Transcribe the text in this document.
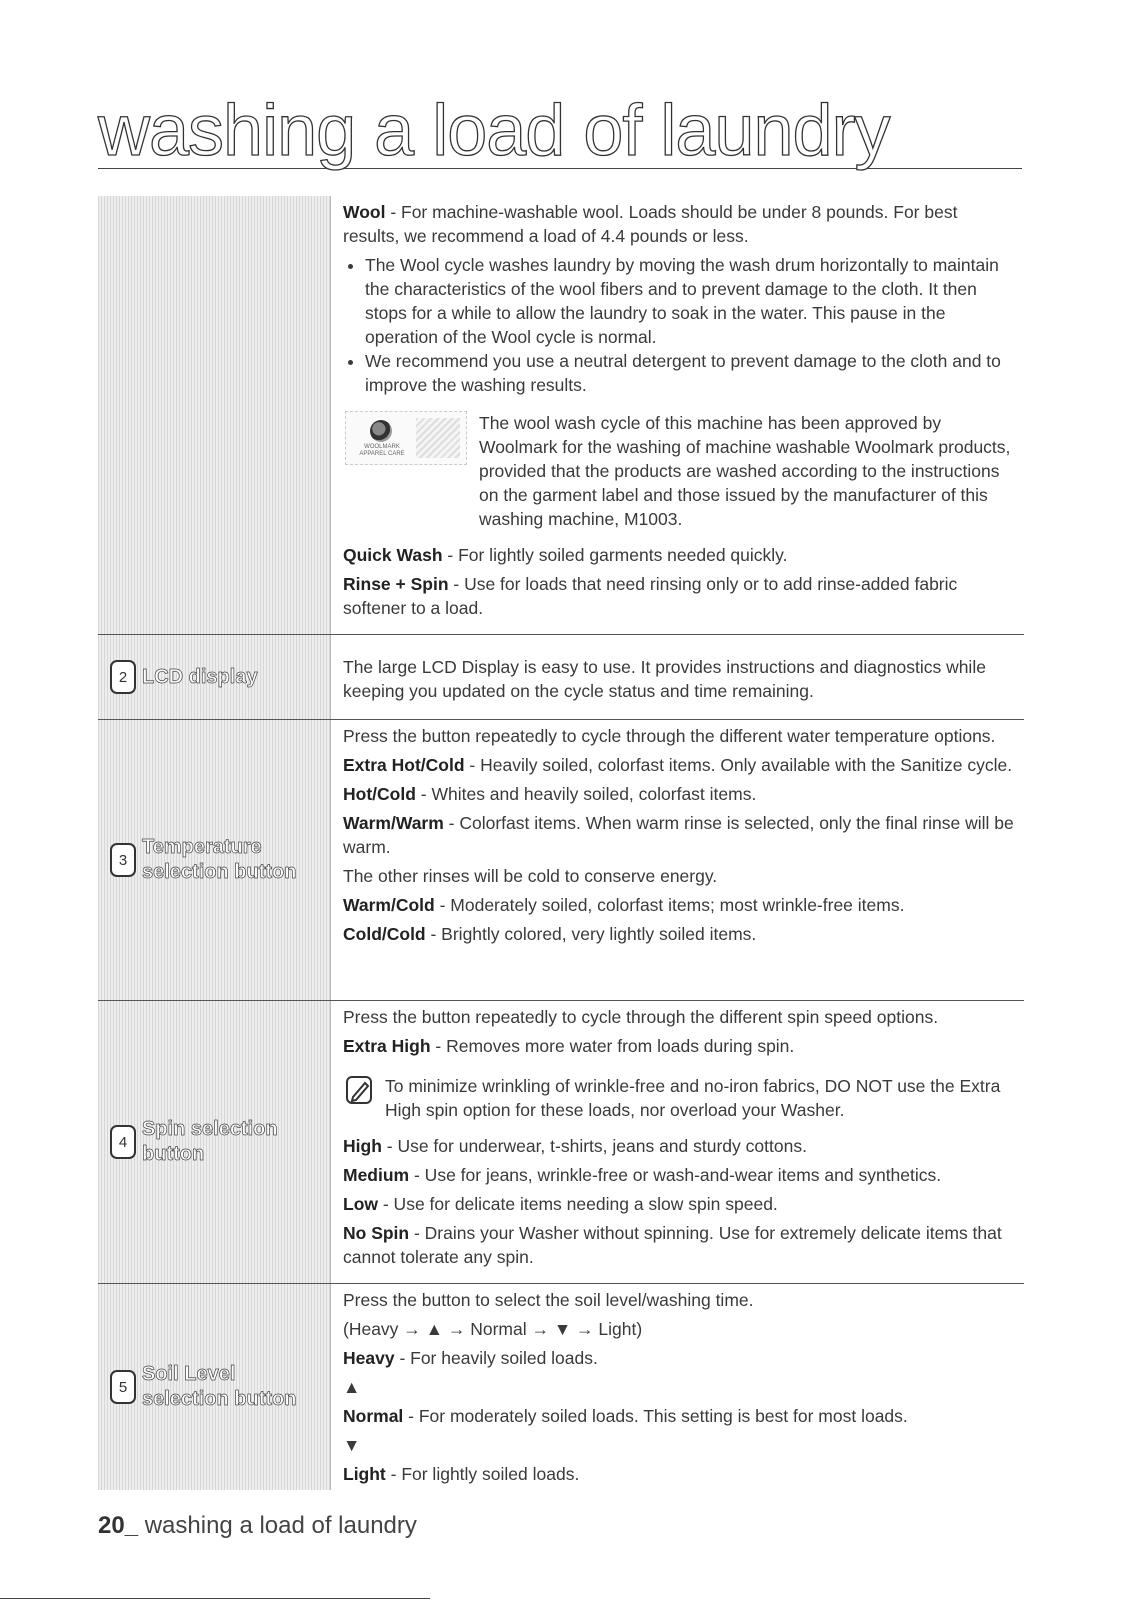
washing a load of laundry

Wool - For machine-washable wool. Loads should be under 8 pounds. For best results, we recommend a load of 4.4 pounds or less.

• The Wool cycle washes laundry by moving the wash drum horizontally to maintain the characteristics of the wool fibers and to prevent damage to the cloth. It then stops for a while to allow the laundry to soak in the water. This pause in the operation of the Wool cycle is normal.
• We recommend you use a neutral detergent to prevent damage to the cloth and to improve the washing results.
WOOLMARK APPAREL CARE
The wool wash cycle of this machine has been approved by Woolmark for the washing of machine washable Woolmark products, provided that the products are washed according to the instructions on the garment label and those issued by the manufacturer of this washing machine, M1003.

Quick Wash - For lightly soiled garments needed quickly.

Rinse + Spin - Use for loads that need rinsing only or to add rinse-added fabric softener to a load.

2 LCD display	The large LCD Display is easy to use. It provides instructions and diagnostics while keeping you updated on the cycle status and time remaining.

3
Temperature
selection button

Press the button repeatedly to cycle through the different water temperature options.

Extra Hot/Cold - Heavily soiled, colorfast items. Only available with the Sanitize cycle.

Hot/Cold - Whites and heavily soiled, colorfast items.

Warm/Warm - Colorfast items. When warm rinse is selected, only the final rinse will be warm.

The other rinses will be cold to conserve energy.

Warm/Cold - Moderately soiled, colorfast items; most wrinkle-free items.

Cold/Cold - Brightly colored, very lightly soiled items.

4
Spin selection
button

Press the button repeatedly to cycle through the different spin speed options.

Extra High - Removes more water from loads during spin.

To minimize wrinkling of wrinkle-free and no-iron fabrics, DO NOT use the Extra High spin option for these loads, nor overload your Washer.

High - Use for underwear, t-shirts, jeans and sturdy cottons.

Medium - Use for jeans, wrinkle-free or wash-and-wear items and synthetics.

Low - Use for delicate items needing a slow spin speed.

No Spin - Drains your Washer without spinning. Use for extremely delicate items that cannot tolerate any spin.

5
Soil Level
selection button

Press the button to select the soil level/washing time.

(Heavy → ▲ → Normal → ▼ → Light)

Heavy - For heavily soiled loads.

▲

Normal - For moderately soiled loads. This setting is best for most loads.

▼

Light - For lightly soiled loads.

20_ washing a load of laundry
